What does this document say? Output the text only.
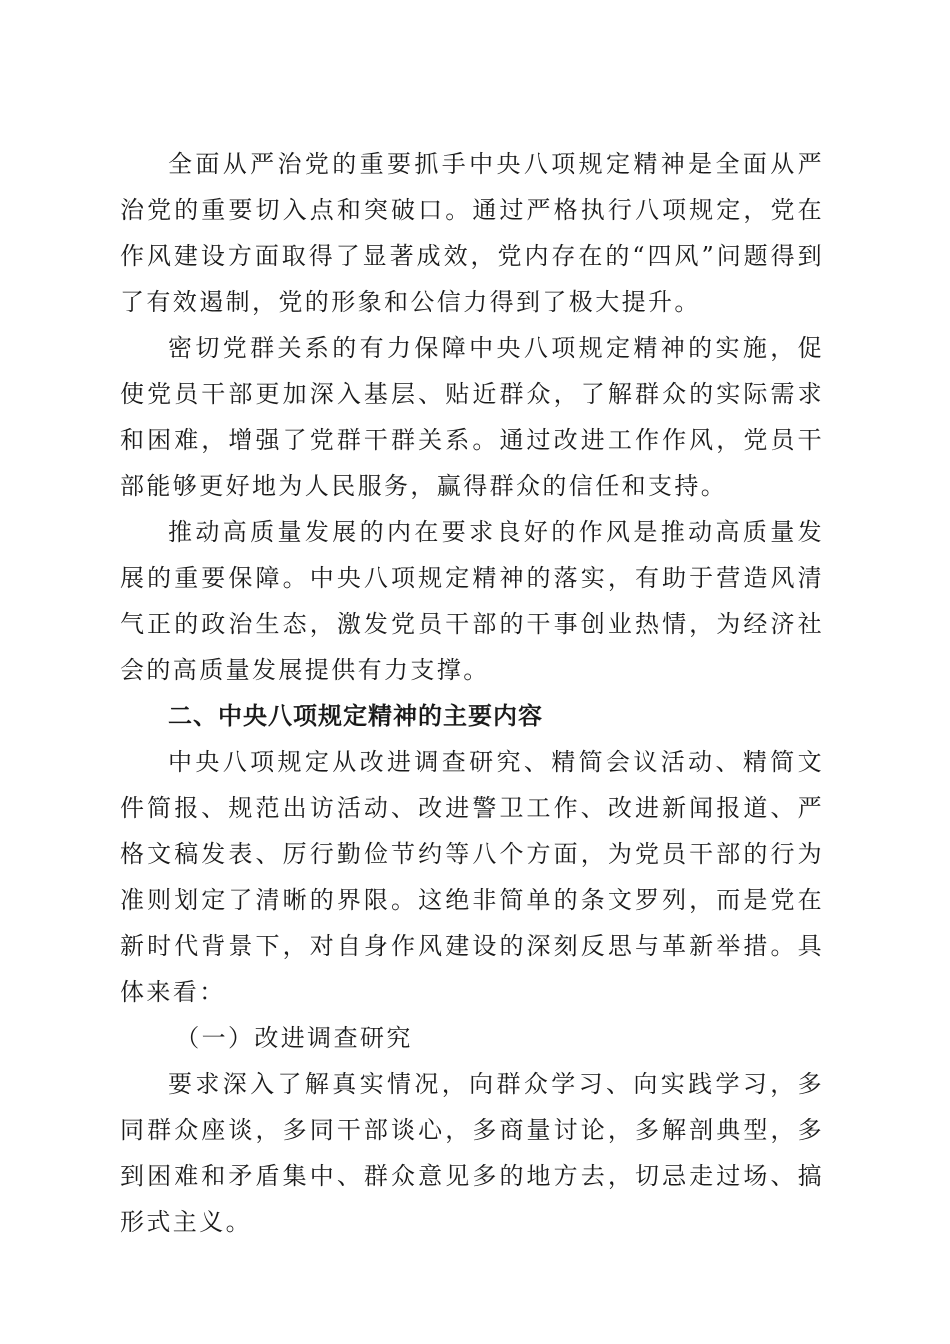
全面从严治党的重要抓手中央八项规定精神是全面从严治党的重要切入点和突破口。通过严格执行八项规定，党在作风建设方面取得了显著成效，党内存在的“四风”问题得到了有效遏制，党的形象和公信力得到了极大提升。

密切党群关系的有力保障中央八项规定精神的实施，促使党员干部更加深入基层、贴近群众，了解群众的实际需求和困难，增强了党群干群关系。通过改进工作作风，党员干部能够更好地为人民服务，赢得群众的信任和支持。

推动高质量发展的内在要求良好的作风是推动高质量发展的重要保障。中央八项规定精神的落实，有助于营造风清气正的政治生态，激发党员干部的干事创业热情，为经济社会的高质量发展提供有力支撑。

二、中央八项规定精神的主要内容

中央八项规定从改进调查研究、精简会议活动、精简文件简报、规范出访活动、改进警卫工作、改进新闻报道、严格文稿发表、厉行勤俭节约等八个方面，为党员干部的行为准则划定了清晰的界限。这绝非简单的条文罗列，而是党在新时代背景下，对自身作风建设的深刻反思与革新举措。具体来看：

（一）改进调查研究

要求深入了解真实情况，向群众学习、向实践学习，多同群众座谈，多同干部谈心，多商量讨论，多解剖典型，多到困难和矛盾集中、群众意见多的地方去，切忌走过场、搞形式主义。
